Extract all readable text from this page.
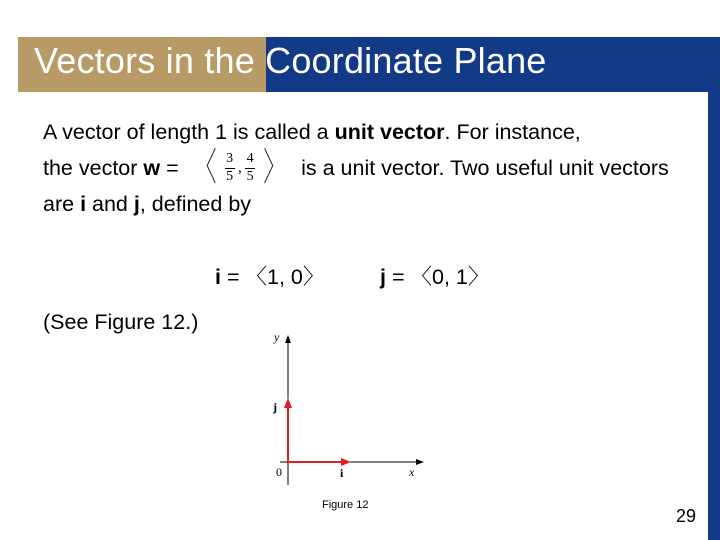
Vectors in the Coordinate Plane
A vector of length 1 is called a unit vector. For instance,
the vector w = 〈 $\frac{3}{5}$ , $\frac{4}{5}$ 〉 is a unit vector. Two useful unit vectors
are i and j, defined by
i = 〈1, 0〉	j = 〈0, 1〉
(See Figure 12.)
y
x
0	i
j
Figure 12
29
